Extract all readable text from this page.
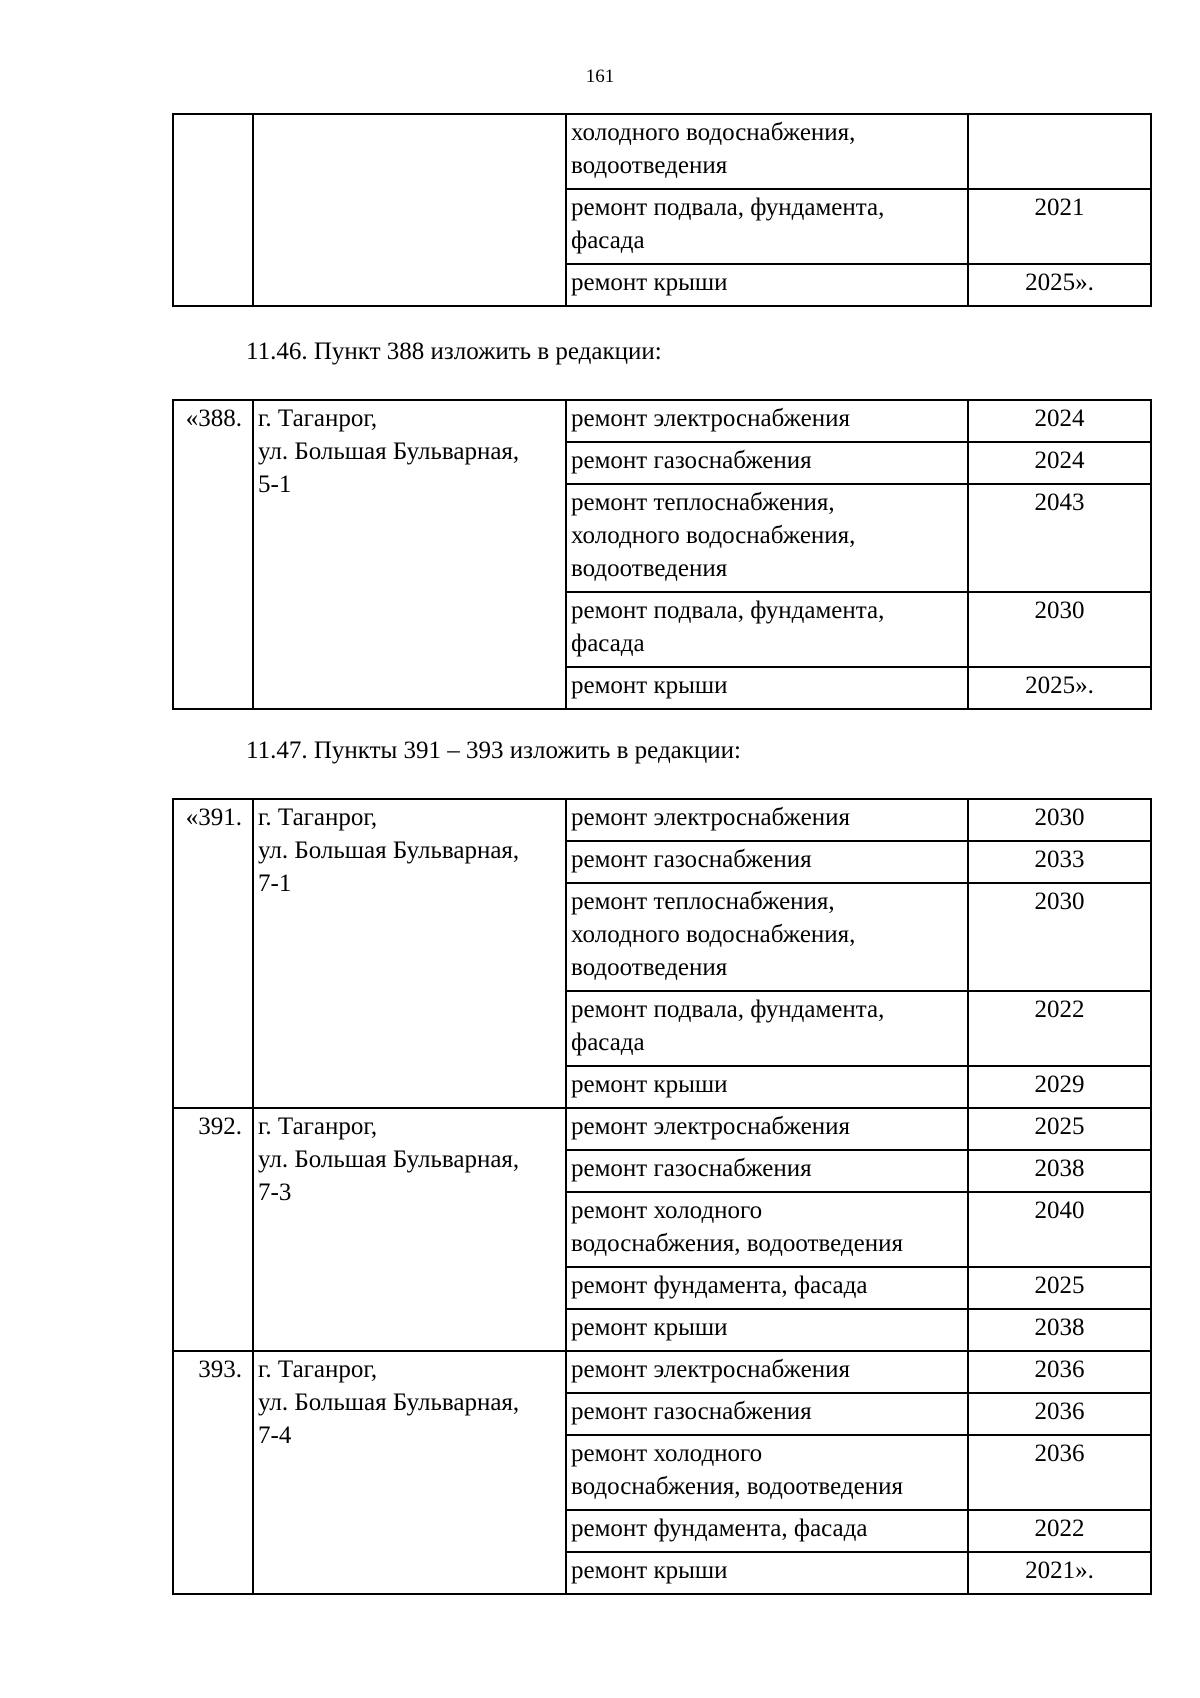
161
		холодного водоснабжения,
водоотведения	
		ремонт подвала, фундамента,
фасада	2021
		ремонт крыши	2025».
11.46. Пункт 388 изложить в редакции:
«388.	г. Таганрог,
ул. Большая Бульварная,
5-1	ремонт электроснабжения	2024
		ремонт газоснабжения	2024
		ремонт теплоснабжения,
холодного водоснабжения,
водоотведения	2043
		ремонт подвала, фундамента,
фасада	2030
		ремонт крыши	2025».
11.47. Пункты 391 – 393 изложить в редакции:
«391.	г. Таганрог,
ул. Большая Бульварная,
7-1	ремонт электроснабжения	2030
		ремонт газоснабжения	2033
		ремонт теплоснабжения,
холодного водоснабжения,
водоотведения	2030
		ремонт подвала, фундамента,
фасада	2022
		ремонт крыши	2029
392.	г. Таганрог,
ул. Большая Бульварная,
7-3	ремонт электроснабжения	2025
		ремонт газоснабжения	2038
		ремонт холодного
водоснабжения, водоотведения	2040
		ремонт фундамента, фасада	2025
		ремонт крыши	2038
393.	г. Таганрог,
ул. Большая Бульварная,
7-4	ремонт электроснабжения	2036
		ремонт газоснабжения	2036
		ремонт холодного
водоснабжения, водоотведения	2036
		ремонт фундамента, фасада	2022
		ремонт крыши	2021».
